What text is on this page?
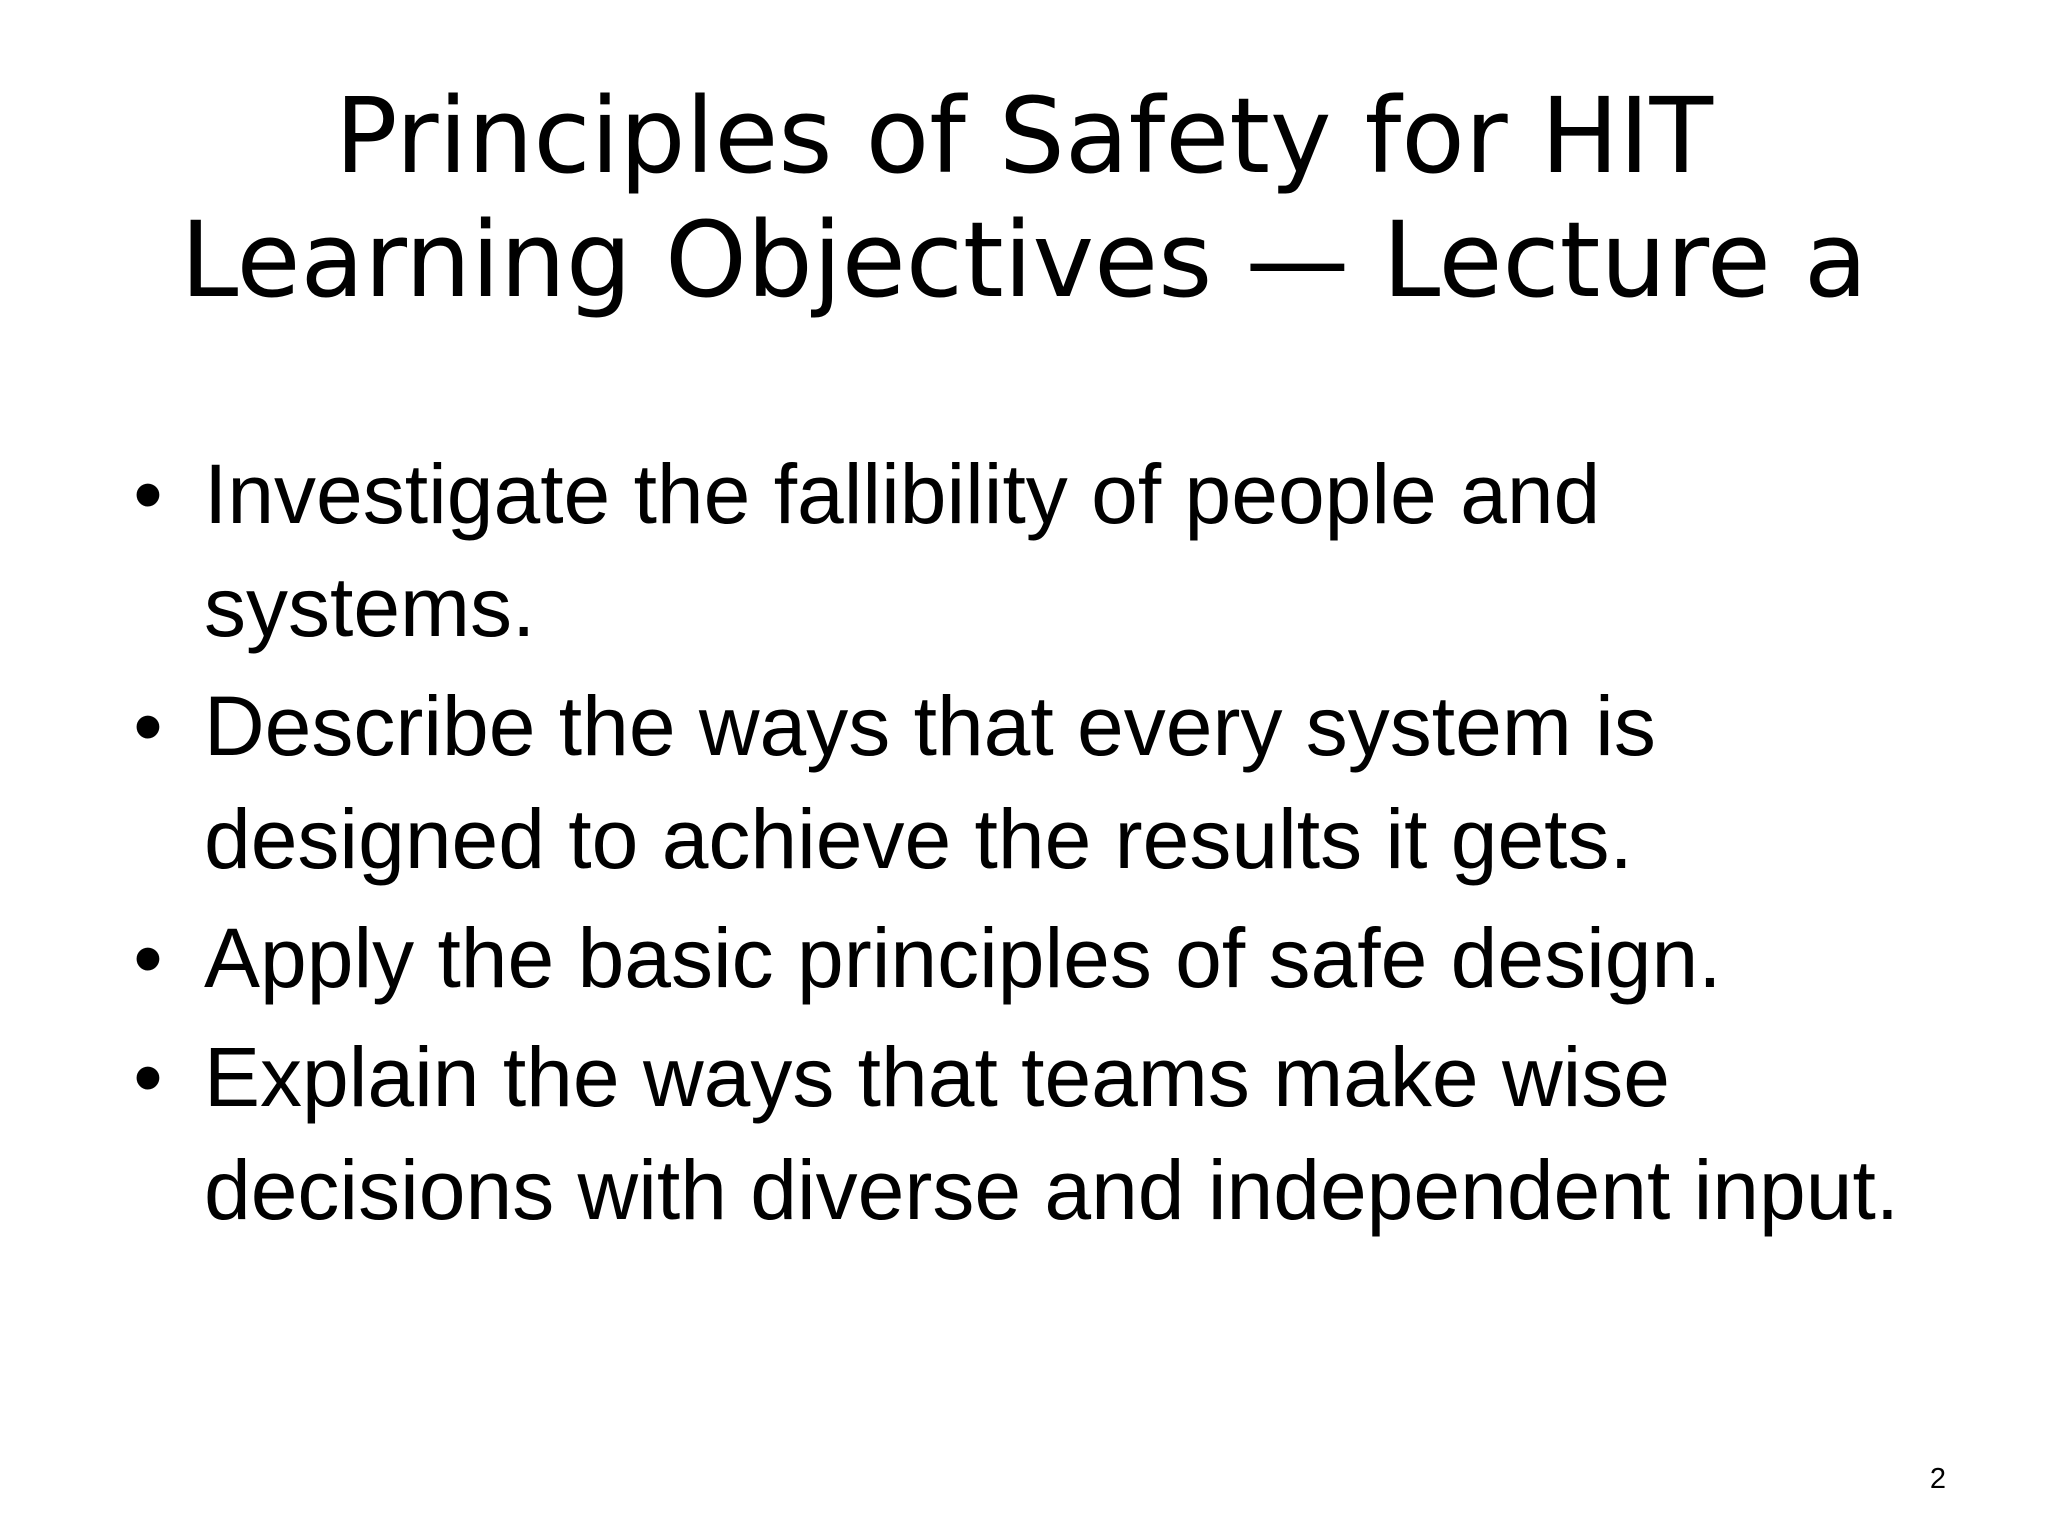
Principles of Safety for HIT
Learning Objectives — Lecture a
• Investigate the fallibility of people and systems.
• Describe the ways that every system is designed to achieve the results it gets.
• Apply the basic principles of safe design.
• Explain the ways that teams make wise decisions with diverse and independent input.
2
